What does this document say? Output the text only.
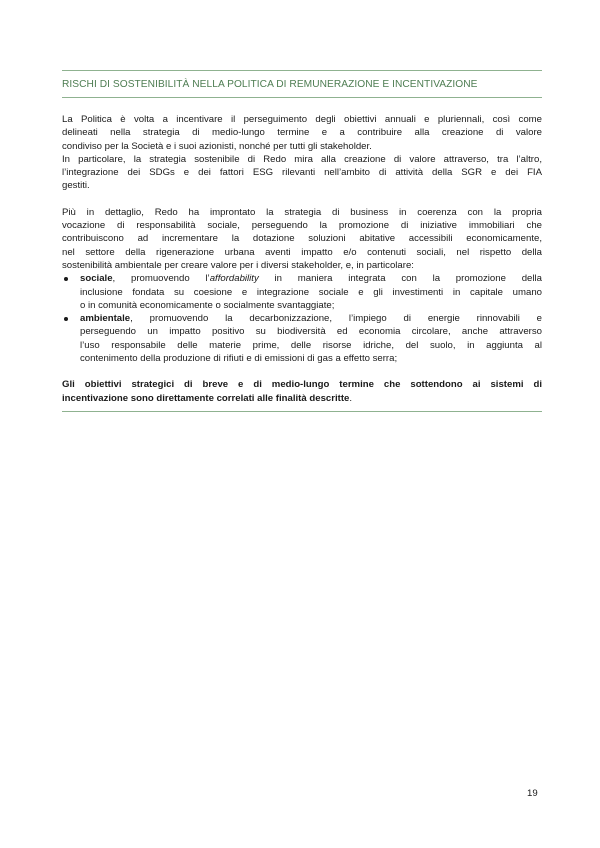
RISCHI DI SOSTENIBILITÀ NELLA POLITICA DI REMUNERAZIONE E INCENTIVAZIONE

La Politica è volta a incentivare il perseguimento degli obiettivi annuali e pluriennali, così come
delineati nella strategia di medio-lungo termine e a contribuire alla creazione di valore
condiviso per la Società e i suoi azionisti, nonché per tutti gli stakeholder.
In particolare, la strategia sostenibile di Redo mira alla creazione di valore attraverso, tra l’altro,
l’integrazione dei SDGs e dei fattori ESG rilevanti nell’ambito di attività della SGR e dei FIA
gestiti.

Più in dettaglio, Redo ha improntato la strategia di business in coerenza con la propria
vocazione di responsabilità sociale, perseguendo la promozione di iniziative immobiliari che
contribuiscono ad incrementare la dotazione soluzioni abitative accessibili economicamente,
nel settore della rigenerazione urbana aventi impatto e/o contenuti sociali, nel rispetto della
sostenibilità ambientale per creare valore per i diversi stakeholder, e, in particolare:

sociale, promuovendo l’affordability in maniera integrata con la promozione della
inclusione fondata su coesione e integrazione sociale e gli investimenti in capitale umano
o in comunità economicamente o socialmente svantaggiate;
ambientale, promuovendo la decarbonizzazione, l’impiego di energie rinnovabili e
perseguendo un impatto positivo su biodiversità ed economia circolare, anche attraverso
l’uso responsabile delle materie prime, delle risorse idriche, del suolo, in aggiunta al
contenimento della produzione di rifiuti e di emissioni di gas a effetto serra;

Gli obiettivi strategici di breve e di medio-lungo termine che sottendono ai sistemi di
incentivazione sono direttamente correlati alle finalità descritte.

19
